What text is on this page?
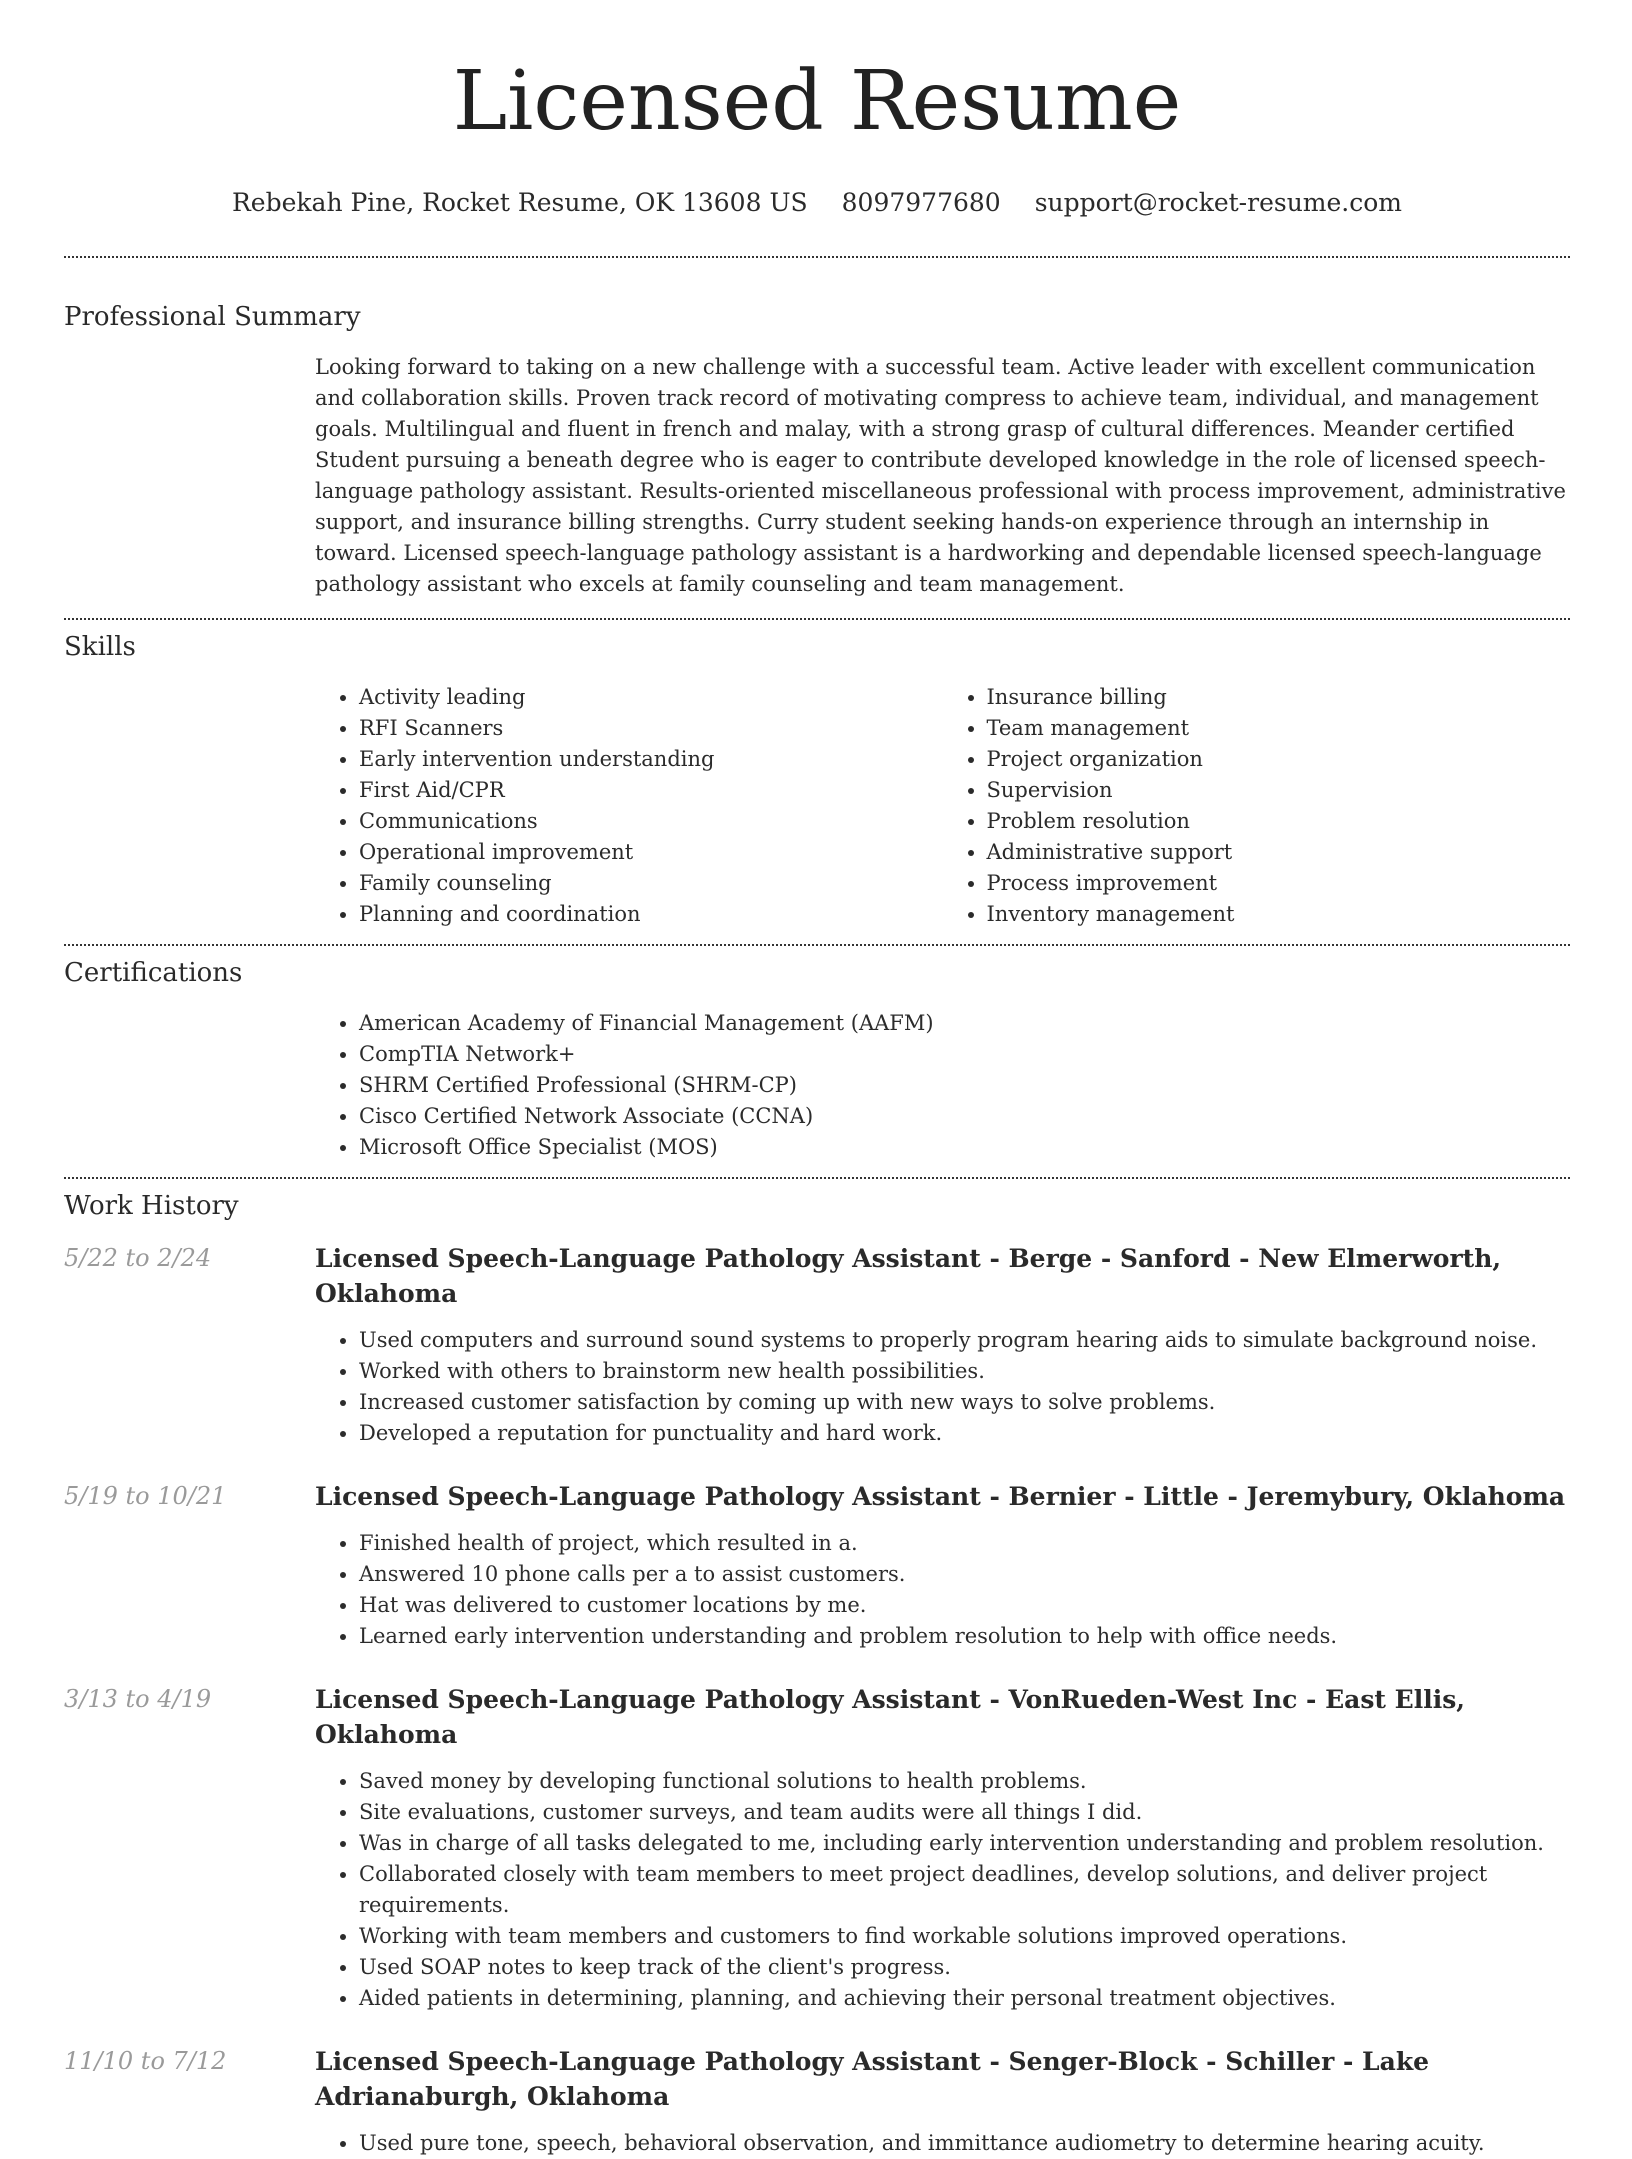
Licensed Resume
Rebekah Pine, Rocket Resume, OK 13608 US 8097977680 support@rocket-resume.com
Professional Summary

Looking forward to taking on a new challenge with a successful team. Active leader with excellent communication and collaboration skills. Proven track record of motivating compress to achieve team, individual, and management goals. Multilingual and fluent in french and malay, with a strong grasp of cultural differences. Meander certified Student pursuing a beneath degree who is eager to contribute developed knowledge in the role of licensed speech-language pathology assistant. Results-oriented miscellaneous professional with process improvement, administrative support, and insurance billing strengths. Curry student seeking hands-on experience through an internship in toward. Licensed speech-language pathology assistant is a hardworking and dependable licensed speech-language pathology assistant who excels at family counseling and team management.

Skills
• Activity leading
• RFI Scanners
• Early intervention understanding
• First Aid/CPR
• Communications
• Operational improvement
• Family counseling
• Planning and coordination
• Insurance billing
• Team management
• Project organization
• Supervision
• Problem resolution
• Administrative support
• Process improvement
• Inventory management
Certifications
• American Academy of Financial Management (AAFM)
• CompTIA Network+
• SHRM Certified Professional (SHRM-CP)
• Cisco Certified Network Associate (CCNA)
• Microsoft Office Specialist (MOS)
Work History
5/22 to 2/24	Licensed Speech-Language Pathology Assistant - Berge - Sanford - New Elmerworth, Oklahoma
• Used computers and surround sound systems to properly program hearing aids to simulate background noise.
• Worked with others to brainstorm new health possibilities.
• Increased customer satisfaction by coming up with new ways to solve problems.
• Developed a reputation for punctuality and hard work.
5/19 to 10/21	Licensed Speech-Language Pathology Assistant - Bernier - Little - Jeremybury, Oklahoma
• Finished health of project, which resulted in a.
• Answered 10 phone calls per a to assist customers.
• Hat was delivered to customer locations by me.
• Learned early intervention understanding and problem resolution to help with office needs.
3/13 to 4/19	Licensed Speech-Language Pathology Assistant - VonRueden-West Inc - East Ellis, Oklahoma
• Saved money by developing functional solutions to health problems.
• Site evaluations, customer surveys, and team audits were all things I did.
• Was in charge of all tasks delegated to me, including early intervention understanding and problem resolution.
• Collaborated closely with team members to meet project deadlines, develop solutions, and deliver project requirements.
• Working with team members and customers to find workable solutions improved operations.
• Used SOAP notes to keep track of the client's progress.
• Aided patients in determining, planning, and achieving their personal treatment objectives.
11/10 to 7/12	Licensed Speech-Language Pathology Assistant - Senger-Block - Schiller - Lake Adrianaburgh, Oklahoma
• Used pure tone, speech, behavioral observation, and immittance audiometry to determine hearing acuity.
